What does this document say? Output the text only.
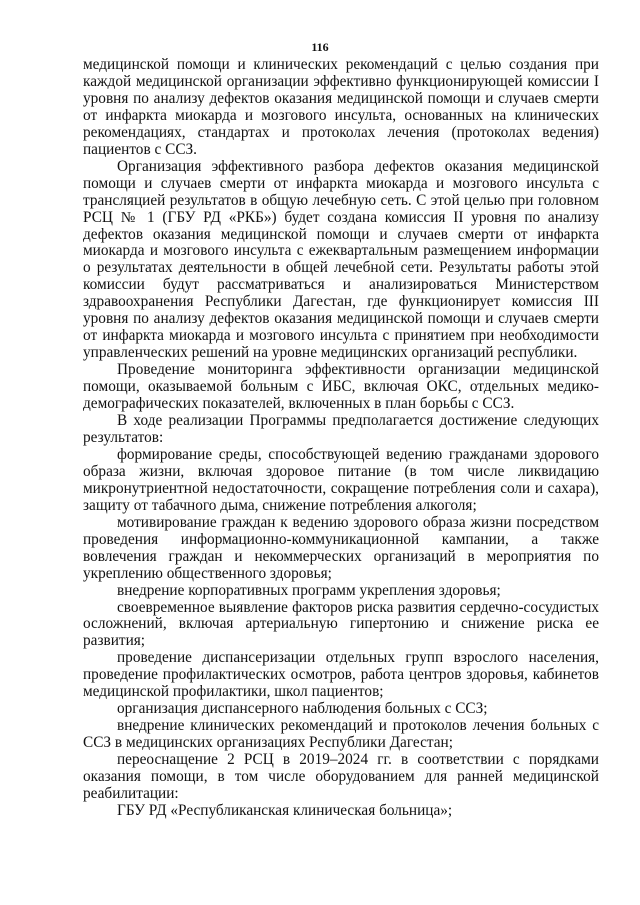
116

медицинской помощи и клинических рекомендаций с целью создания при каждой медицинской организации эффективно функционирующей комиссии I уровня по анализу дефектов оказания медицинской помощи и случаев смерти от инфаркта миокарда и мозгового инсульта, основанных на клинических рекомендациях, стандартах и протоколах лечения (протоколах ведения) пациентов с ССЗ.

Организация эффективного разбора дефектов оказания медицинской помощи и случаев смерти от инфаркта миокарда и мозгового инсульта с трансляцией результатов в общую лечебную сеть. С этой целью при головном РСЦ № 1 (ГБУ РД «РКБ») будет создана комиссия II уровня по анализу дефектов оказания медицинской помощи и случаев смерти от инфаркта миокарда и мозгового инсульта с ежеквартальным размещением информации о результатах деятельности в общей лечебной сети. Результаты работы этой комиссии будут рассматриваться и анализироваться Министерством здравоохранения Республики Дагестан, где функционирует комиссия III уровня по анализу дефектов оказания медицинской помощи и случаев смерти от инфаркта миокарда и мозгового инсульта с принятием при необходимости управленческих решений на уровне медицинских организаций республики.

Проведение мониторинга эффективности организации медицинской помощи, оказываемой больным с ИБС, включая ОКС, отдельных медико-демографических показателей, включенных в план борьбы с ССЗ.

В ходе реализации Программы предполагается достижение следующих результатов:

формирование среды, способствующей ведению гражданами здорового образа жизни, включая здоровое питание (в том числе ликвидацию микронутриентной недостаточности, сокращение потребления соли и сахара), защиту от табачного дыма, снижение потребления алкоголя;

мотивирование граждан к ведению здорового образа жизни посредством проведения информационно-коммуникационной кампании, а также вовлечения граждан и некоммерческих организаций в мероприятия по укреплению общественного здоровья;

внедрение корпоративных программ укрепления здоровья;

своевременное выявление факторов риска развития сердечно-сосудистых осложнений, включая артериальную гипертонию и снижение риска ее развития;

проведение диспансеризации отдельных групп взрослого населения, проведение профилактических осмотров, работа центров здоровья, кабинетов медицинской профилактики, школ пациентов;

организация диспансерного наблюдения больных с ССЗ;

внедрение клинических рекомендаций и протоколов лечения больных с ССЗ в медицинских организациях Республики Дагестан;

переоснащение 2 РСЦ в 2019–2024 гг. в соответствии с порядками оказания помощи, в том числе оборудованием для ранней медицинской реабилитации:

ГБУ РД «Республиканская клиническая больница»;
